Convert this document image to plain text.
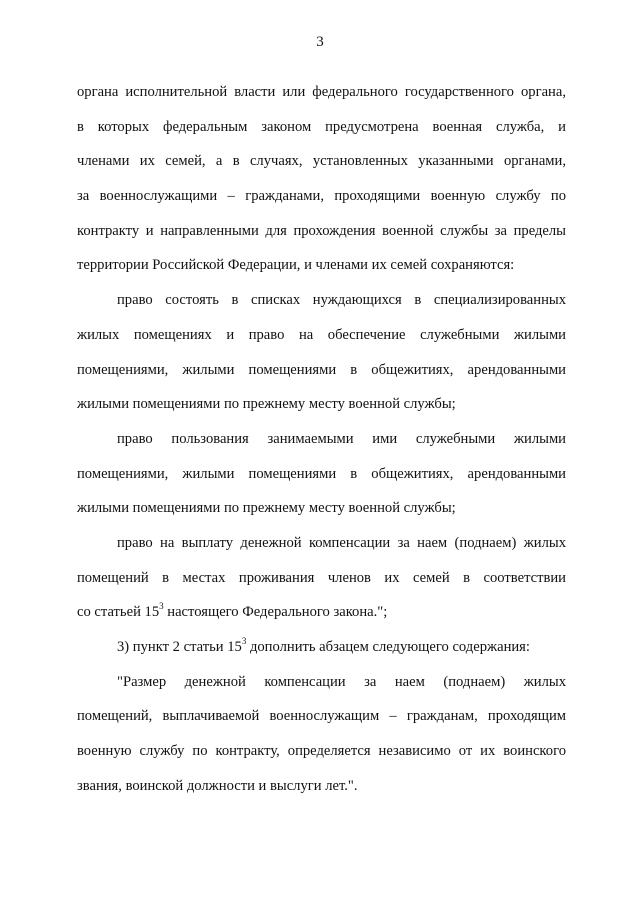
3
органа исполнительной власти или федерального государственного органа,
в которых федеральным законом предусмотрена военная служба, и
членами их семей, а в случаях, установленных указанными органами,
за военнослужащими – гражданами, проходящими военную службу по
контракту и направленными для прохождения военной службы за пределы
территории Российской Федерации, и членами их семей сохраняются:
право состоять в списках нуждающихся в специализированных
жилых помещениях и право на обеспечение служебными жилыми
помещениями, жилыми помещениями в общежитиях, арендованными
жилыми помещениями по прежнему месту военной службы;
право пользования занимаемыми ими служебными жилыми
помещениями, жилыми помещениями в общежитиях, арендованными
жилыми помещениями по прежнему месту военной службы;
право на выплату денежной компенсации за наем (поднаем) жилых
помещений в местах проживания членов их семей в соответствии
со статьей $15^3$ настоящего Федерального закона.";
3) пункт 2 статьи $15^3$ дополнить абзацем следующего содержания:
"Размер денежной компенсации за наем (поднаем) жилых
помещений, выплачиваемой военнослужащим – гражданам, проходящим
военную службу по контракту, определяется независимо от их воинского
звания, воинской должности и выслуги лет.".
